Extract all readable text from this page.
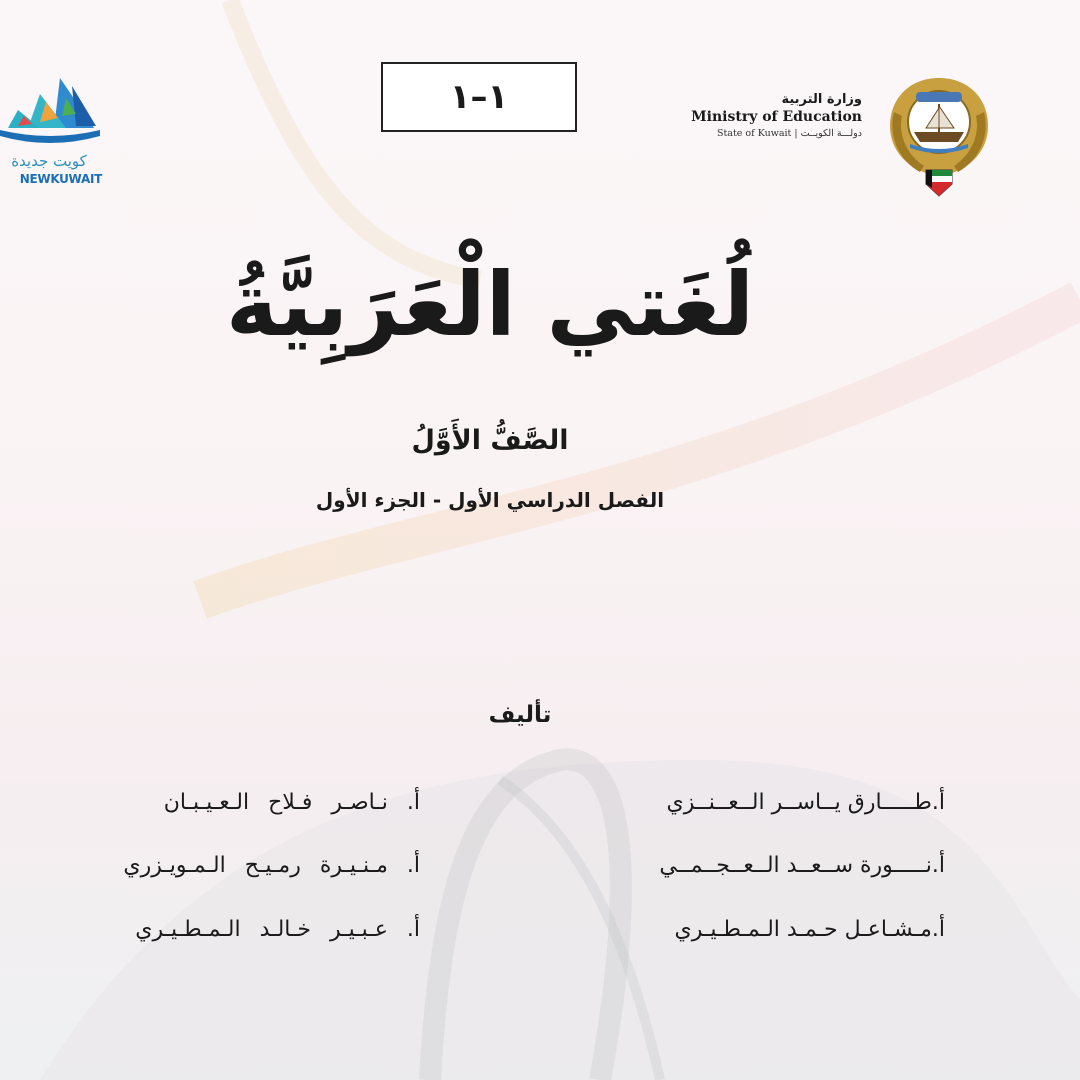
وزارة التربية
Ministry of Education
State of Kuwait | دولـــة الكويــت
١–١
كويت جديدة
NEWKUWAIT
لُغَتي الْعَرَبِيَّةُ
الصَّفُّ الأَوَّلُ
الفصل الدراسي الأول - الجزء الأول
تأليف
أ.طـــــارق يــاســر الــعــنــزي
أ.نـــــورة ســعــد الــعــجــمــي
أ.مـشـاعـل حـمـد الـمـطـيـري
أ. نـاصـر فـلاح الـعـيـبـان
أ. مـنـيـرة رمـيـح الـمـويـزري
أ. عـبـيـر خـالـد الـمـطـيـري
